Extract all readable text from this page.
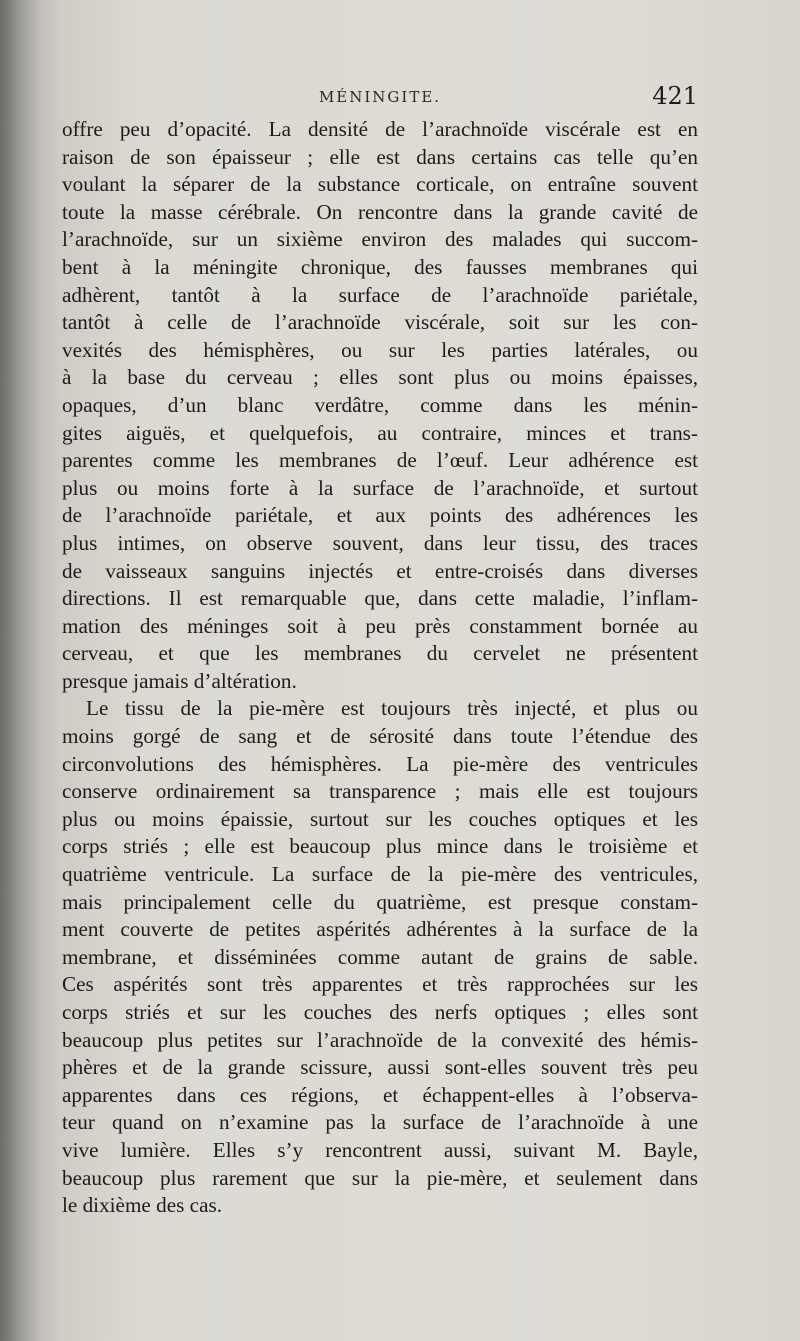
MÉNINGITE.	421
offre peu d’opacité. La densité de l’arachnoïde viscérale est en
raison de son épaisseur ; elle est dans certains cas telle qu’en
voulant la séparer de la substance corticale, on entraîne souvent
toute la masse cérébrale. On rencontre dans la grande cavité de
l’arachnoïde, sur un sixième environ des malades qui succom-
bent à la méningite chronique, des fausses membranes qui
adhèrent, tantôt à la surface de l’arachnoïde pariétale,
tantôt à celle de l’arachnoïde viscérale, soit sur les con-
vexités des hémisphères, ou sur les parties latérales, ou
à la base du cerveau ; elles sont plus ou moins épaisses,
opaques, d’un blanc verdâtre, comme dans les ménin-
gites aiguës, et quelquefois, au contraire, minces et trans-
parentes comme les membranes de l’œuf. Leur adhérence est
plus ou moins forte à la surface de l’arachnoïde, et surtout
de l’arachnoïde pariétale, et aux points des adhérences les
plus intimes, on observe souvent, dans leur tissu, des traces
de vaisseaux sanguins injectés et entre-croisés dans diverses
directions. Il est remarquable que, dans cette maladie, l’inflam-
mation des méninges soit à peu près constamment bornée au
cerveau, et que les membranes du cervelet ne présentent
presque jamais d’altération.
Le tissu de la pie-mère est toujours très injecté, et plus ou
moins gorgé de sang et de sérosité dans toute l’étendue des
circonvolutions des hémisphères. La pie-mère des ventricules
conserve ordinairement sa transparence ; mais elle est toujours
plus ou moins épaissie, surtout sur les couches optiques et les
corps striés ; elle est beaucoup plus mince dans le troisième et
quatrième ventricule. La surface de la pie-mère des ventricules,
mais principalement celle du quatrième, est presque constam-
ment couverte de petites aspérités adhérentes à la surface de la
membrane, et disséminées comme autant de grains de sable.
Ces aspérités sont très apparentes et très rapprochées sur les
corps striés et sur les couches des nerfs optiques ; elles sont
beaucoup plus petites sur l’arachnoïde de la convexité des hémis-
phères et de la grande scissure, aussi sont-elles souvent très peu
apparentes dans ces régions, et échappent-elles à l’observa-
teur quand on n’examine pas la surface de l’arachnoïde à une
vive lumière. Elles s’y rencontrent aussi, suivant M. Bayle,
beaucoup plus rarement que sur la pie-mère, et seulement dans
le dixième des cas.
